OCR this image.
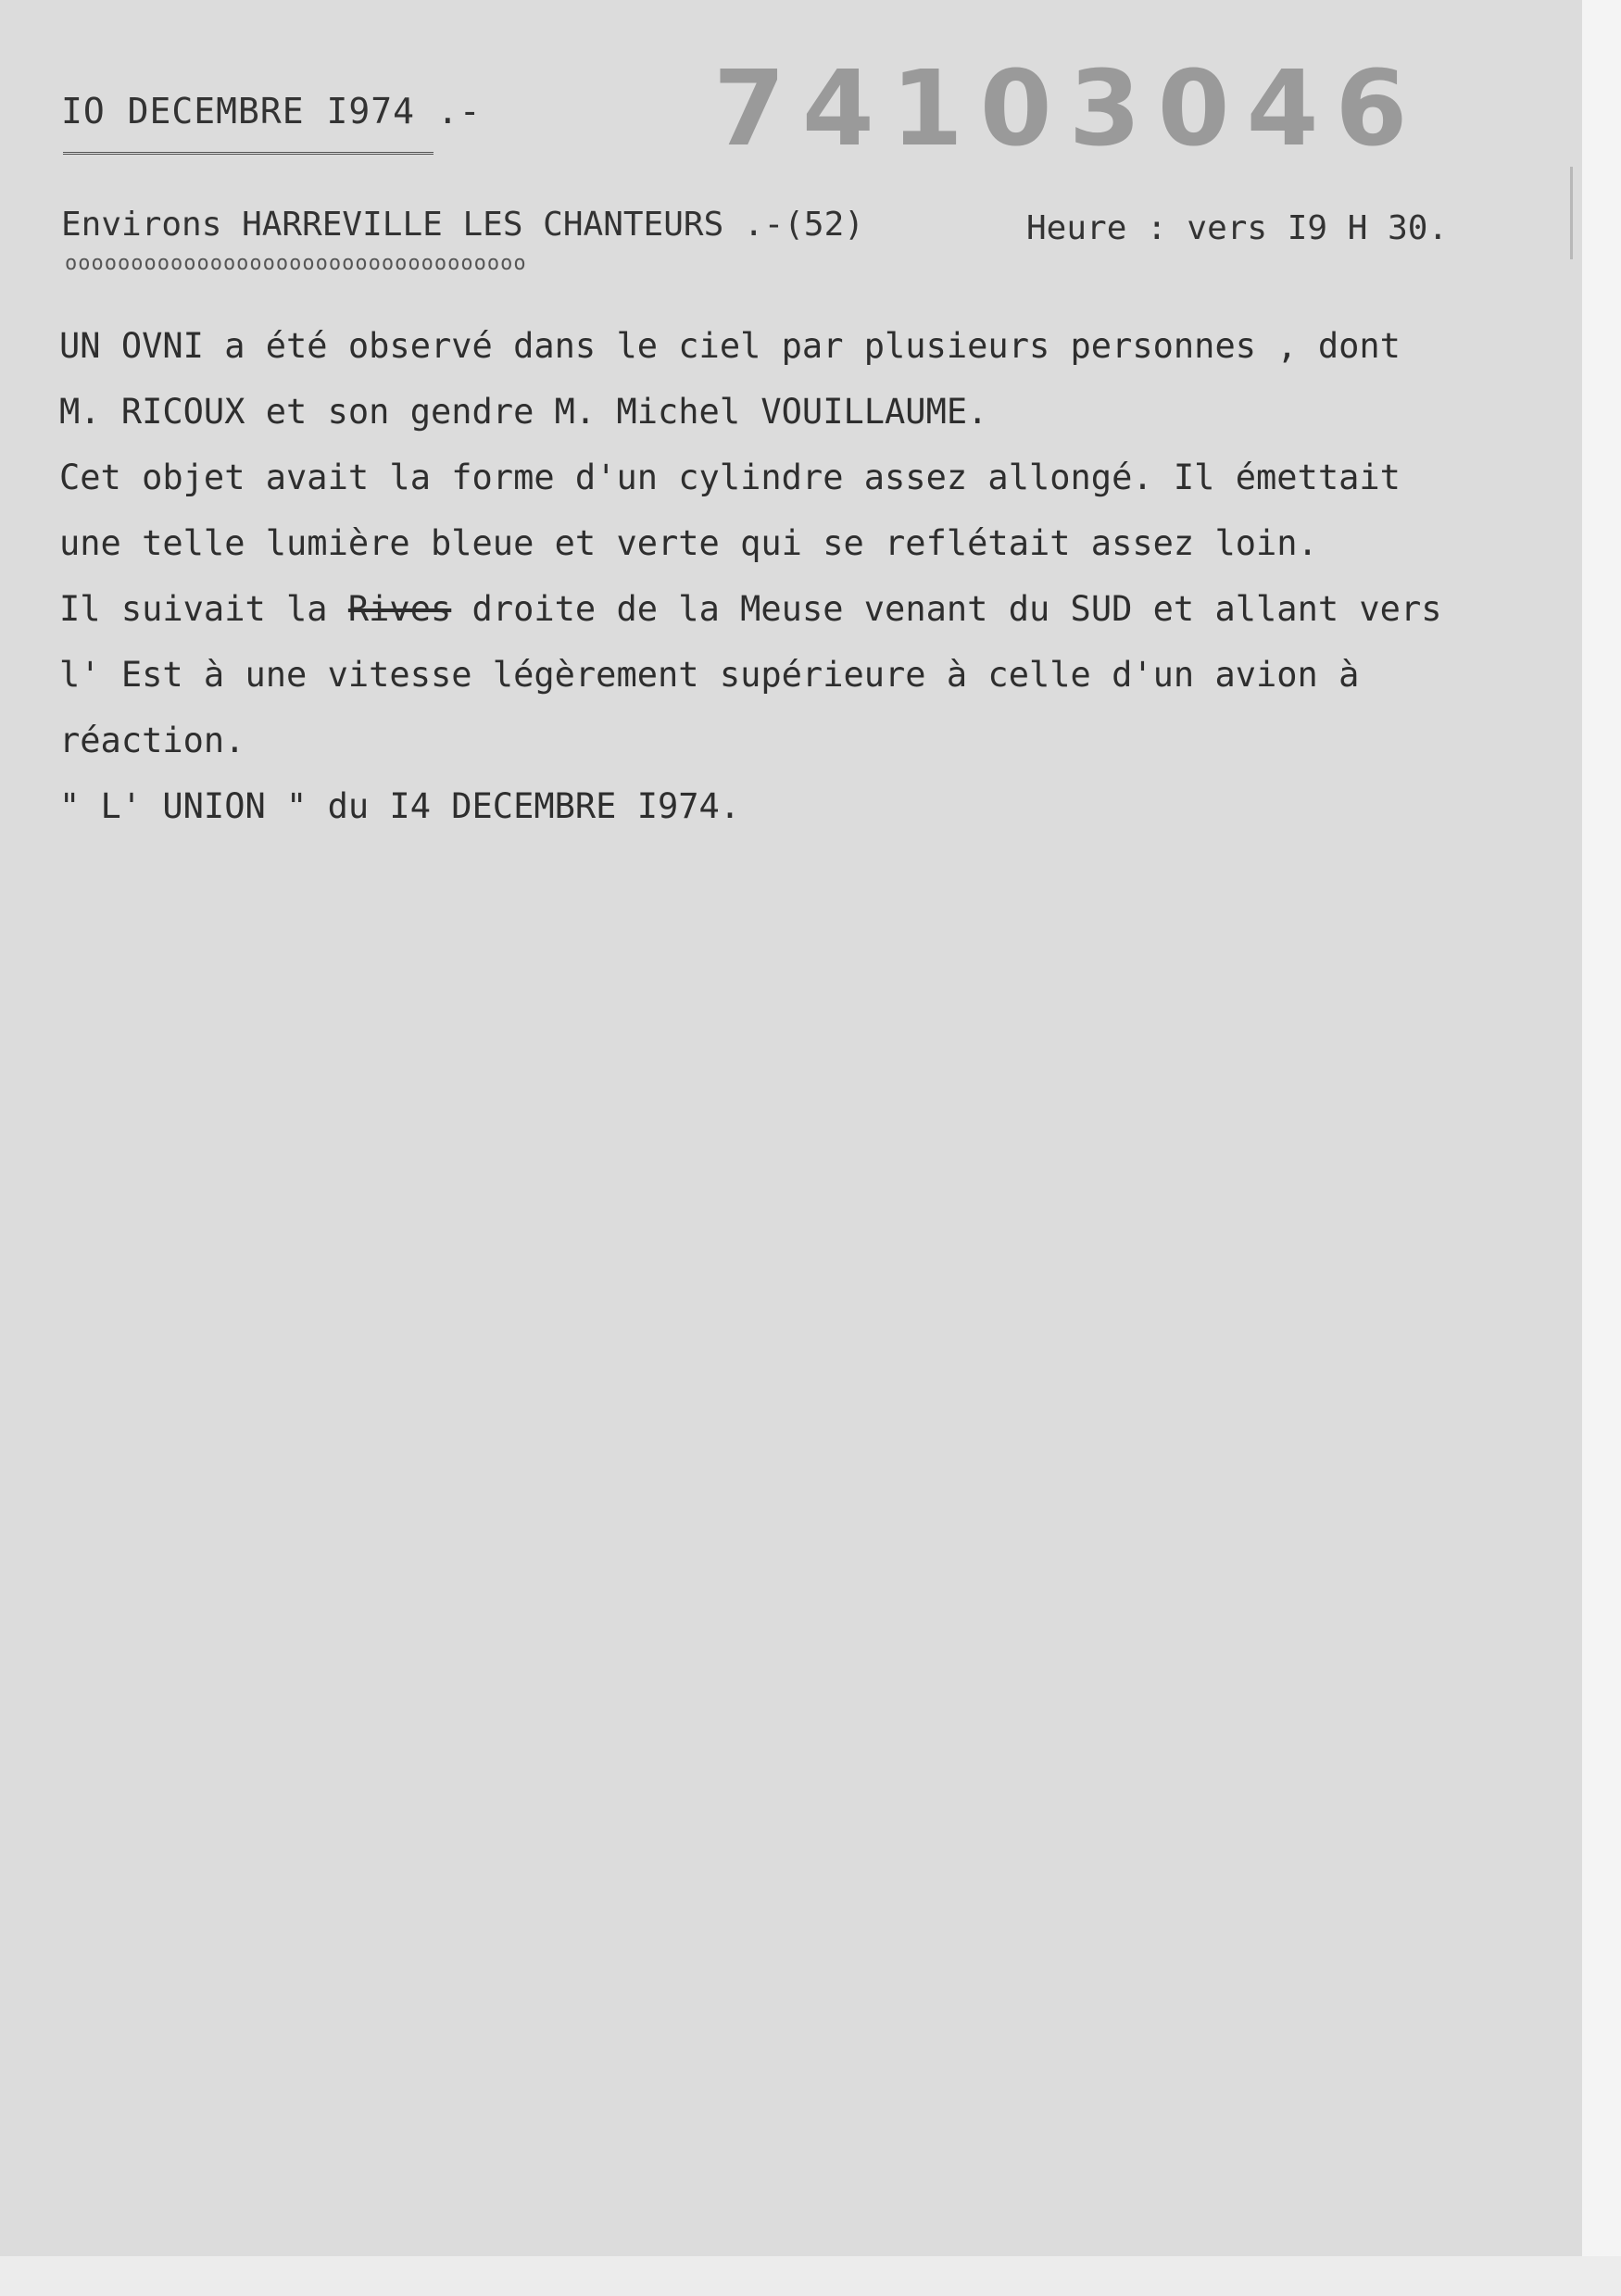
IO DECEMBRE I974 .- 74103046
Environs HARREVILLE LES CHANTEURS .-(52)	Heure : vers I9 H 30.
ooooooooooooooooooooooooooooooooooo
UN OVNI a été observé dans le ciel par plusieurs personnes , dont
M. RICOUX et son gendre M. Michel VOUILLAUME.
Cet objet avait la forme d'un cylindre assez allongé. Il émettait
une telle lumière bleue et verte qui se reflétait assez loin.
Il suivait la Rives droite de la Meuse venant du SUD et allant vers
l' Est à une vitesse légèrement supérieure à celle d'un avion à
réaction.
" L' UNION " du I4 DECEMBRE I974.
